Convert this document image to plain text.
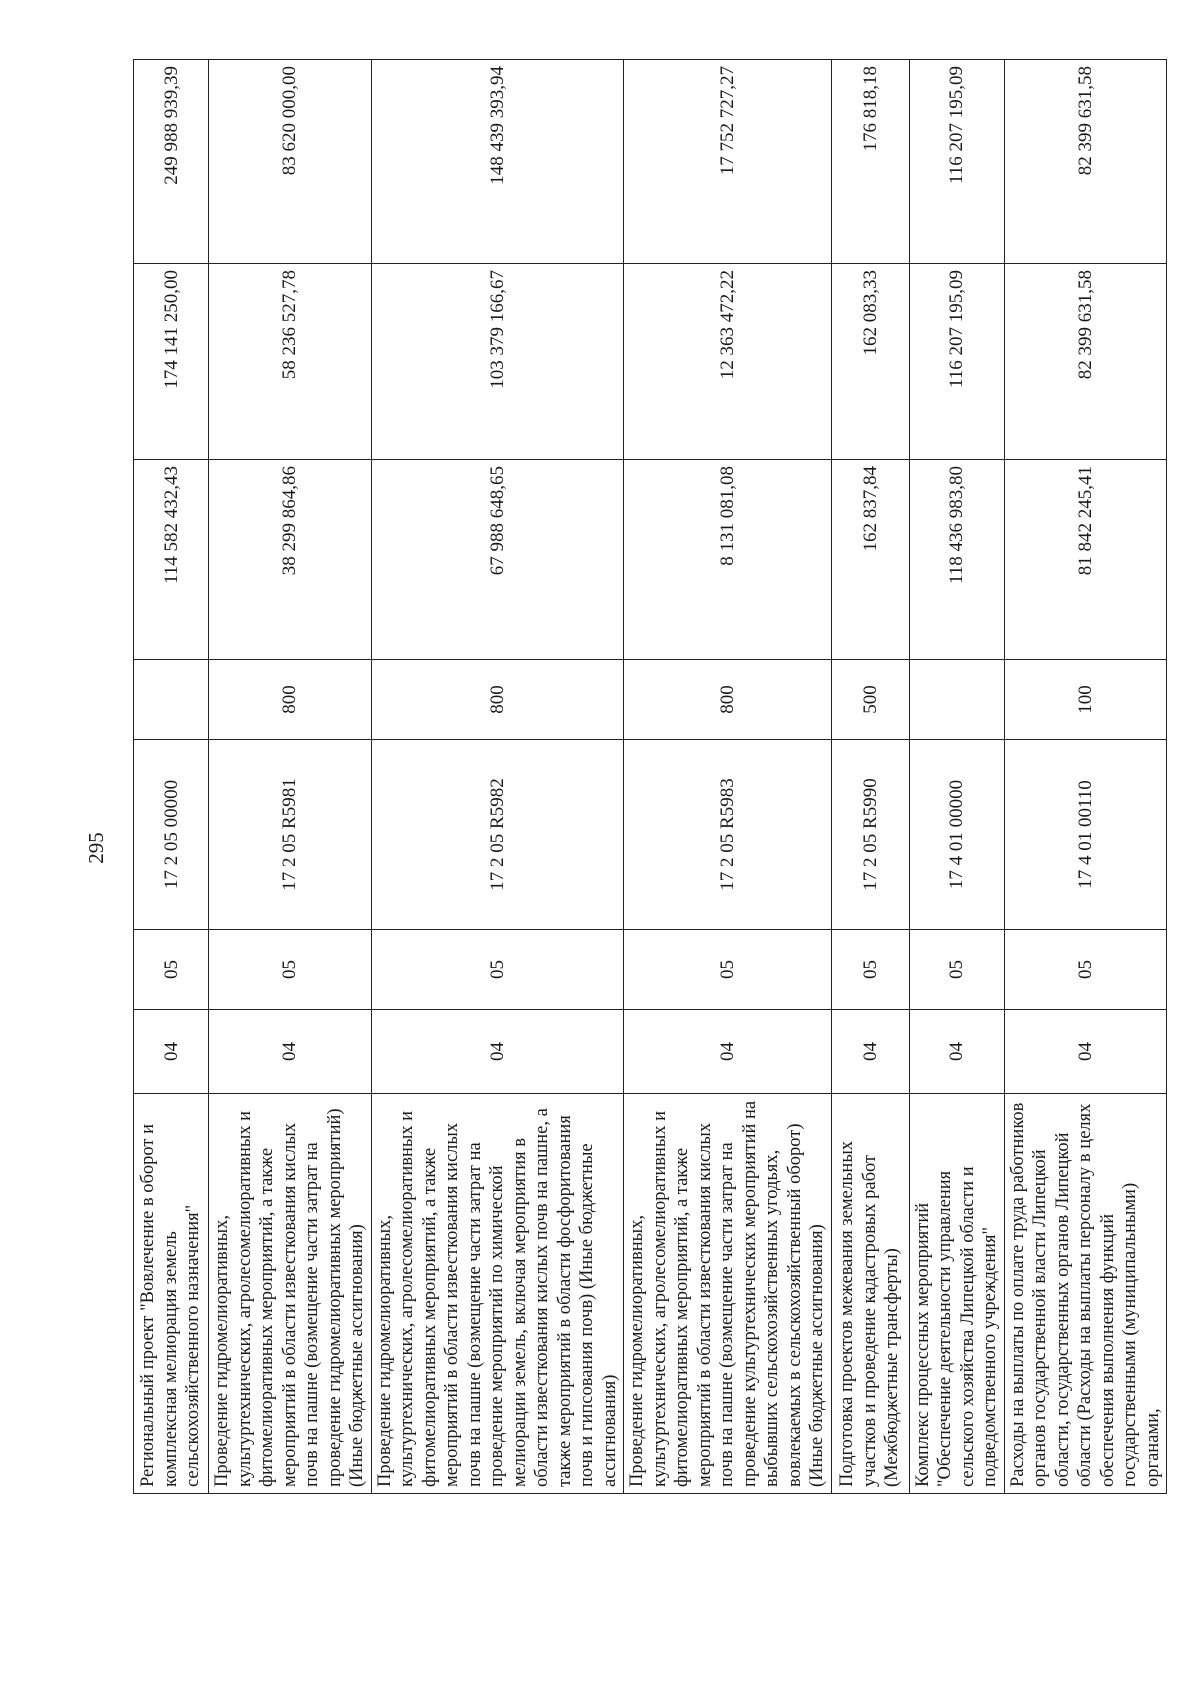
295
Региональный проект "Вовлечение в оборот и комплексная мелиорация земель сельскохозяйственного назначения"	04	05	17 2 05 00000		114 582 432,43	174 141 250,00	249 988 939,39
Проведение гидромелиоративных, культуртехнических, агролесомелиоративных и фитомелиоративных мероприятий, а также мероприятий в области известкования кислых почв на пашне (возмещение части затрат на проведение гидромелиоративных мероприятий) (Иные бюджетные ассигнования)	04	05	17 2 05 R5981	800	38 299 864,86	58 236 527,78	83 620 000,00
Проведение гидромелиоративных, культуртехнических, агролесомелиоративных и фитомелиоративных мероприятий, а также мероприятий в области известкования кислых почв на пашне (возмещение части затрат на проведение мероприятий по химической мелиорации земель, включая мероприятия в области известкования кислых почв на пашне, а также мероприятий в области фосфоритования почв и гипсования почв) (Иные бюджетные ассигнования)	04	05	17 2 05 R5982	800	67 988 648,65	103 379 166,67	148 439 393,94
Проведение гидромелиоративных, культуртехнических, агролесомелиоративных и фитомелиоративных мероприятий, а также мероприятий в области известкования кислых почв на пашне (возмещение части затрат на проведение культуртехнических мероприятий на выбывших сельскохозяйственных угодьях, вовлекаемых в сельскохозяйственный оборот) (Иные бюджетные ассигнования)	04	05	17 2 05 R5983	800	8 131 081,08	12 363 472,22	17 752 727,27
Подготовка проектов межевания земельных участков и проведение кадастровых работ (Межбюджетные трансферты)	04	05	17 2 05 R5990	500	162 837,84	162 083,33	176 818,18
Комплекс процессных мероприятий "Обеспечение деятельности управления сельского хозяйства Липецкой области и подведомственного учреждения"	04	05	17 4 01 00000		118 436 983,80	116 207 195,09	116 207 195,09
Расходы на выплаты по оплате труда работников органов государственной власти Липецкой области, государственных органов Липецкой области (Расходы на выплаты персоналу в целях обеспечения выполнения функций государственными (муниципальными) органами,	04	05	17 4 01 00110	100	81 842 245,41	82 399 631,58	82 399 631,58
